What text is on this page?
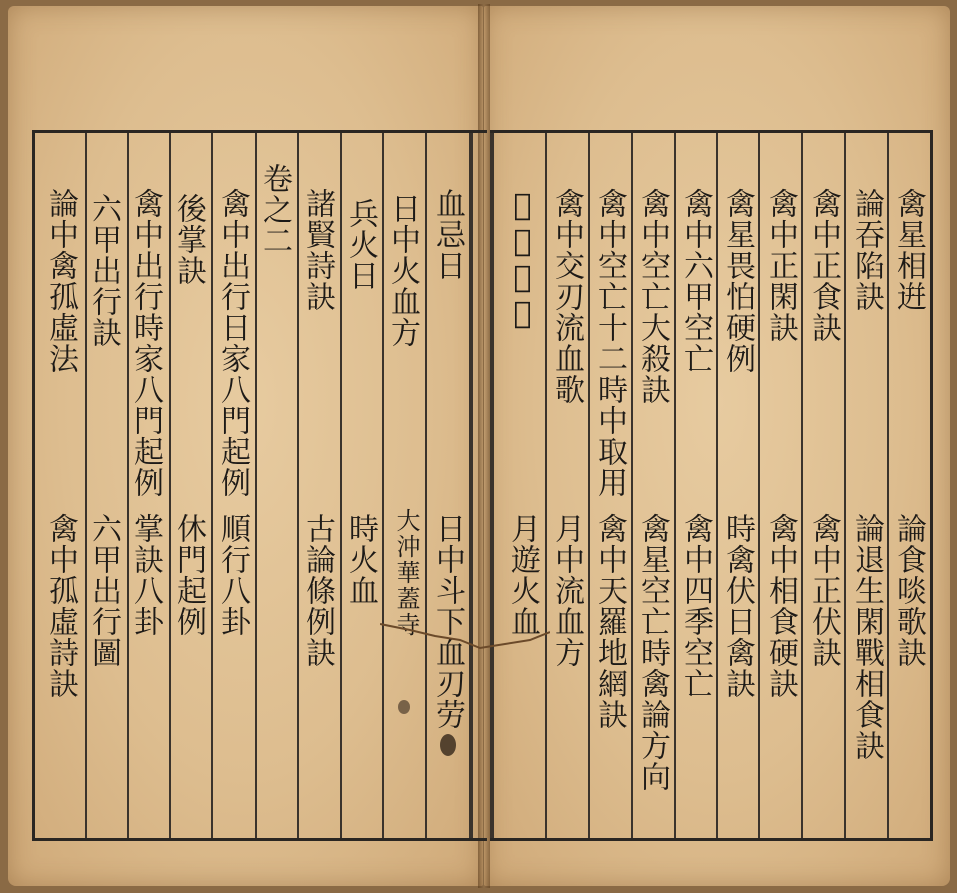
論中禽孤虛法
禽中孤虛詩訣
六甲出行訣
六甲出行圖
禽中出行時家八門起例
掌訣八卦
後掌訣
休門起例
禽中出行日家八門起例
順行八卦
卷之二 諸賢詩訣
古論條例訣
兵火日
時火血
日中火血方
大沖華蓋寺
血忌日
日中斗下血刃劳
𧈮頭血刃
月遊火血
禽中交刃流血歌
月中流血方
禽中空亡十二時中取用
禽中天羅地網訣
禽中空亡大殺訣
禽星空亡時禽論方向
禽中六甲空亡
禽中四季空亡
禽星畏怕硬例
時禽伏日禽訣
禽中正閑訣
禽中相食硬訣
禽中正食訣
禽中正伏訣
論吞陷訣
論退生閑戰相食訣
禽星相逬
論食啖歌訣
